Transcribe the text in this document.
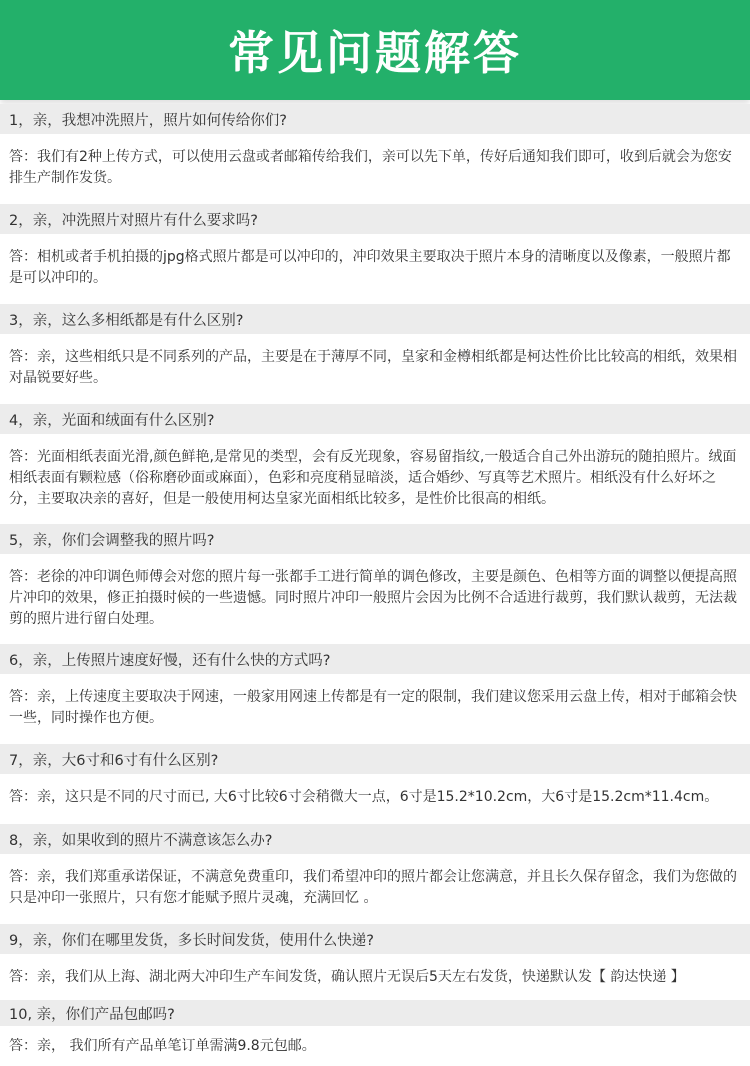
常见问题解答
1，亲，我想冲洗照片，照片如何传给你们?
答：我们有2种上传方式，可以使用云盘或者邮箱传给我们，亲可以先下单，传好后通知我们即可，收到后就会为您安排生产制作发货。
2，亲，冲洗照片对照片有什么要求吗?
答：相机或者手机拍摄的jpg格式照片都是可以冲印的，冲印效果主要取决于照片本身的清晰度以及像素，一般照片都是可以冲印的。
3，亲，这么多相纸都是有什么区别?
答：亲，这些相纸只是不同系列的产品，主要是在于薄厚不同，皇家和金樽相纸都是柯达性价比比较高的相纸，效果相对晶锐要好些。
4，亲，光面和绒面有什么区别?
答：光面相纸表面光滑,颜色鲜艳,是常见的类型，会有反光现象，容易留指纹,一般适合自己外出游玩的随拍照片。绒面相纸表面有颗粒感（俗称磨砂面或麻面），色彩和亮度稍显暗淡，适合婚纱、写真等艺术照片。相纸没有什么好坏之分，主要取决亲的喜好，但是一般使用柯达皇家光面相纸比较多，是性价比很高的相纸。
5，亲，你们会调整我的照片吗?
答：老徐的冲印调色师傅会对您的照片每一张都手工进行简单的调色修改，主要是颜色、色相等方面的调整以便提高照片冲印的效果，修正拍摄时候的一些遗憾。同时照片冲印一般照片会因为比例不合适进行裁剪，我们默认裁剪，无法裁剪的照片进行留白处理。
6，亲，上传照片速度好慢，还有什么快的方式吗?
答：亲，上传速度主要取决于网速，一般家用网速上传都是有一定的限制，我们建议您采用云盘上传，相对于邮箱会快一些，同时操作也方便。
7，亲，大6寸和6寸有什么区别?
答：亲，这只是不同的尺寸而已, 大6寸比较6寸会稍微大一点，6寸是15.2*10.2cm，大6寸是15.2cm*11.4cm。
8，亲，如果收到的照片不满意该怎么办?
答：亲，我们郑重承诺保证，不满意免费重印，我们希望冲印的照片都会让您满意，并且长久保存留念，我们为您做的只是冲印一张照片，只有您才能赋予照片灵魂，充满回忆 。
9，亲，你们在哪里发货，多长时间发货，使用什么快递?
答：亲，我们从上海、湖北两大冲印生产车间发货，确认照片无误后5天左右发货，快递默认发【 韵达快递 】
10, 亲，你们产品包邮吗?
答：亲， 我们所有产品单笔订单需满9.8元包邮。
